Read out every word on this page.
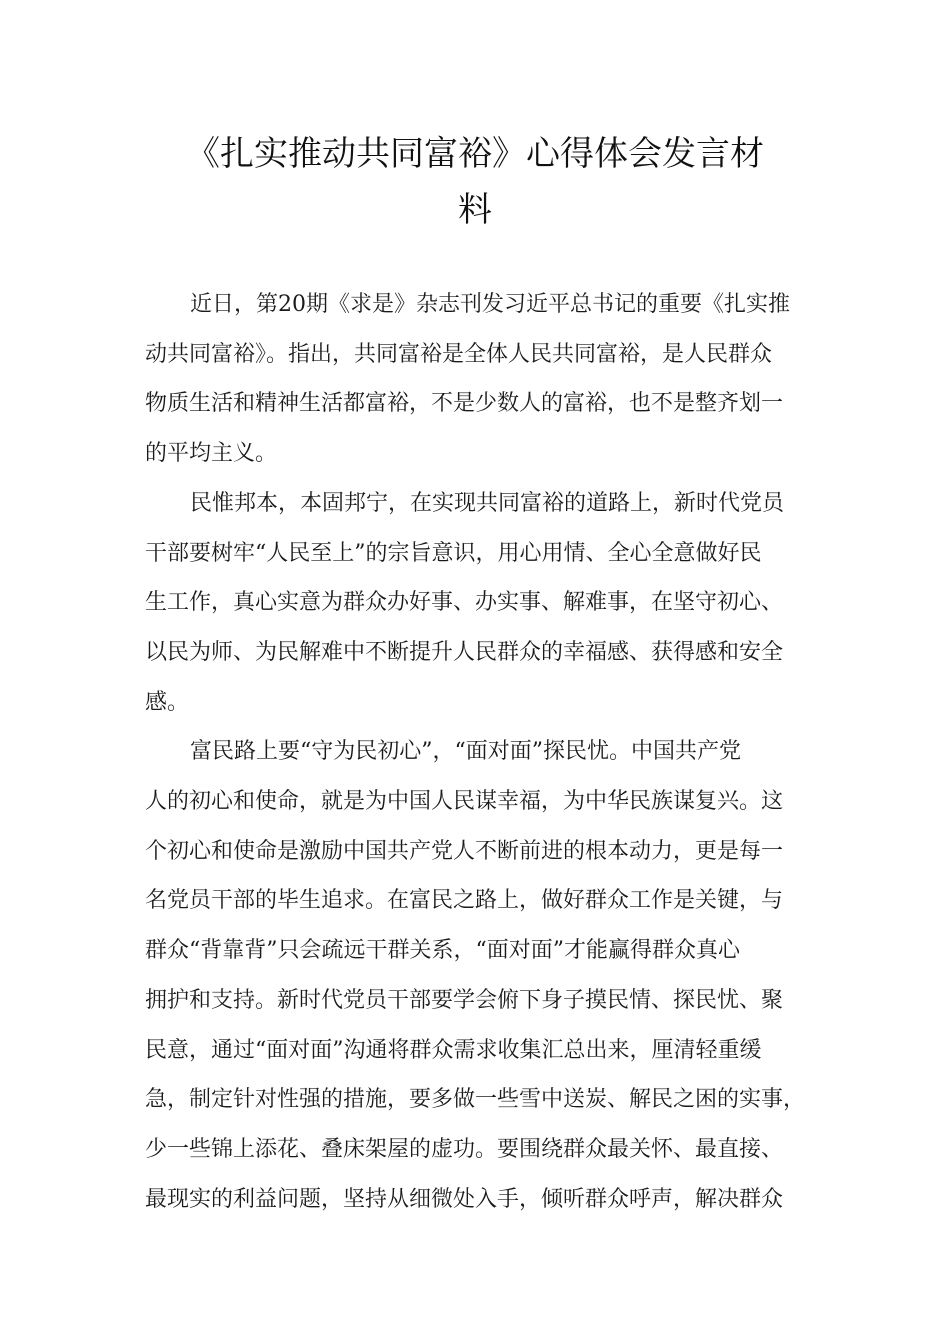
《扎实推动共同富裕》心得体会发言材
料

近日，第20期《求是》杂志刊发习近平总书记的重要《扎实推
动共同富裕》。指出，共同富裕是全体人民共同富裕，是人民群众
物质生活和精神生活都富裕，不是少数人的富裕，也不是整齐划一
的平均主义。

民惟邦本，本固邦宁，在实现共同富裕的道路上，新时代党员
干部要树牢“人民至上”的宗旨意识，用心用情、全心全意做好民
生工作，真心实意为群众办好事、办实事、解难事，在坚守初心、
以民为师、为民解难中不断提升人民群众的幸福感、获得感和安全
感。

富民路上要“守为民初心”，“面对面”探民忧。中国共产党
人的初心和使命，就是为中国人民谋幸福，为中华民族谋复兴。这
个初心和使命是激励中国共产党人不断前进的根本动力，更是每一
名党员干部的毕生追求。在富民之路上，做好群众工作是关键，与
群众“背靠背”只会疏远干群关系，“面对面”才能赢得群众真心
拥护和支持。新时代党员干部要学会俯下身子摸民情、探民忧、聚
民意，通过“面对面”沟通将群众需求收集汇总出来，厘清轻重缓
急，制定针对性强的措施，要多做一些雪中送炭、解民之困的实事，
少一些锦上添花、叠床架屋的虚功。要围绕群众最关怀、最直接、
最现实的利益问题，坚持从细微处入手，倾听群众呼声，解决群众
